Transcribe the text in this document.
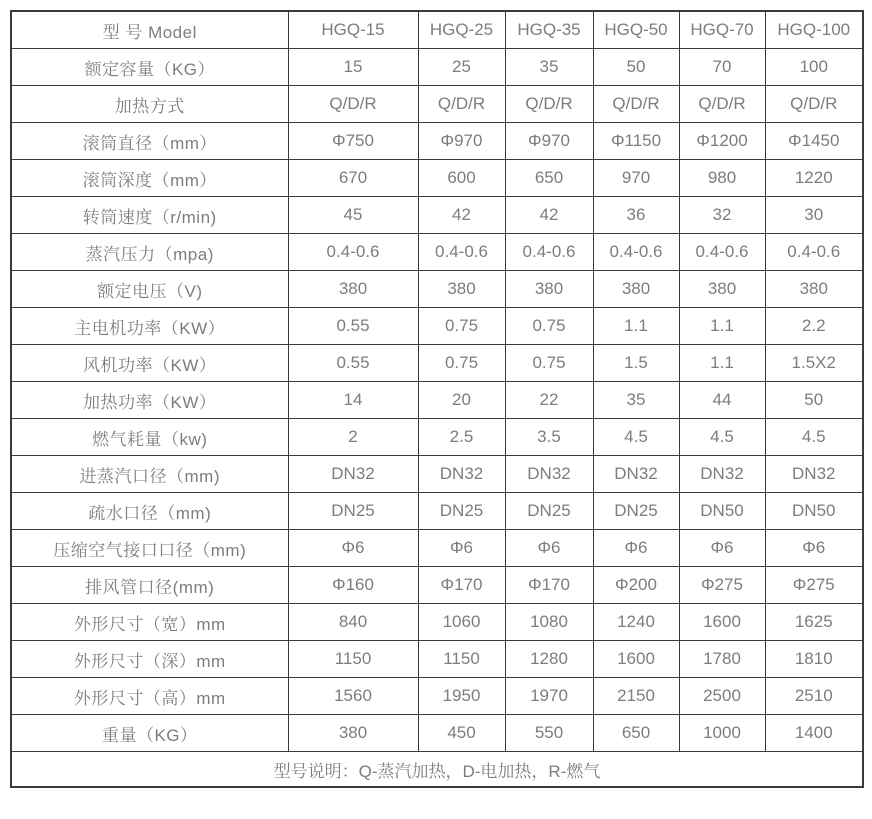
型 号 Model	HGQ-15	HGQ-25	HGQ-35	HGQ-50	HGQ-70	HGQ-100
额定容量（KG）	15	25	35	50	70	100
加热方式	Q/D/R	Q/D/R	Q/D/R	Q/D/R	Q/D/R	Q/D/R
滚筒直径（mm）	Φ750	Φ970	Φ970	Φ1150	Φ1200	Φ1450
滚筒深度（mm）	670	600	650	970	980	1220
转筒速度（r/min)	45	42	42	36	32	30
蒸汽压力（mpa)	0.4-0.6	0.4-0.6	0.4-0.6	0.4-0.6	0.4-0.6	0.4-0.6
额定电压（V)	380	380	380	380	380	380
主电机功率（KW）	0.55	0.75	0.75	1.1	1.1	2.2
风机功率（KW）	0.55	0.75	0.75	1.5	1.1	1.5X2
加热功率（KW）	14	20	22	35	44	50
燃气耗量（kw)	2	2.5	3.5	4.5	4.5	4.5
进蒸汽口径（mm)	DN32	DN32	DN32	DN32	DN32	DN32
疏水口径（mm)	DN25	DN25	DN25	DN25	DN50	DN50
压缩空气接口口径（mm)	Φ6	Φ6	Φ6	Φ6	Φ6	Φ6
排风管口径(mm)	Φ160	Φ170	Φ170	Φ200	Φ275	Φ275
外形尺寸（宽）mm	840	1060	1080	1240	1600	1625
外形尺寸（深）mm	1150	1150	1280	1600	1780	1810
外形尺寸（高）mm	1560	1950	1970	2150	2500	2510
重量（KG）	380	450	550	650	1000	1400
型号说明：Q-蒸汽加热，D-电加热，R-燃气						
